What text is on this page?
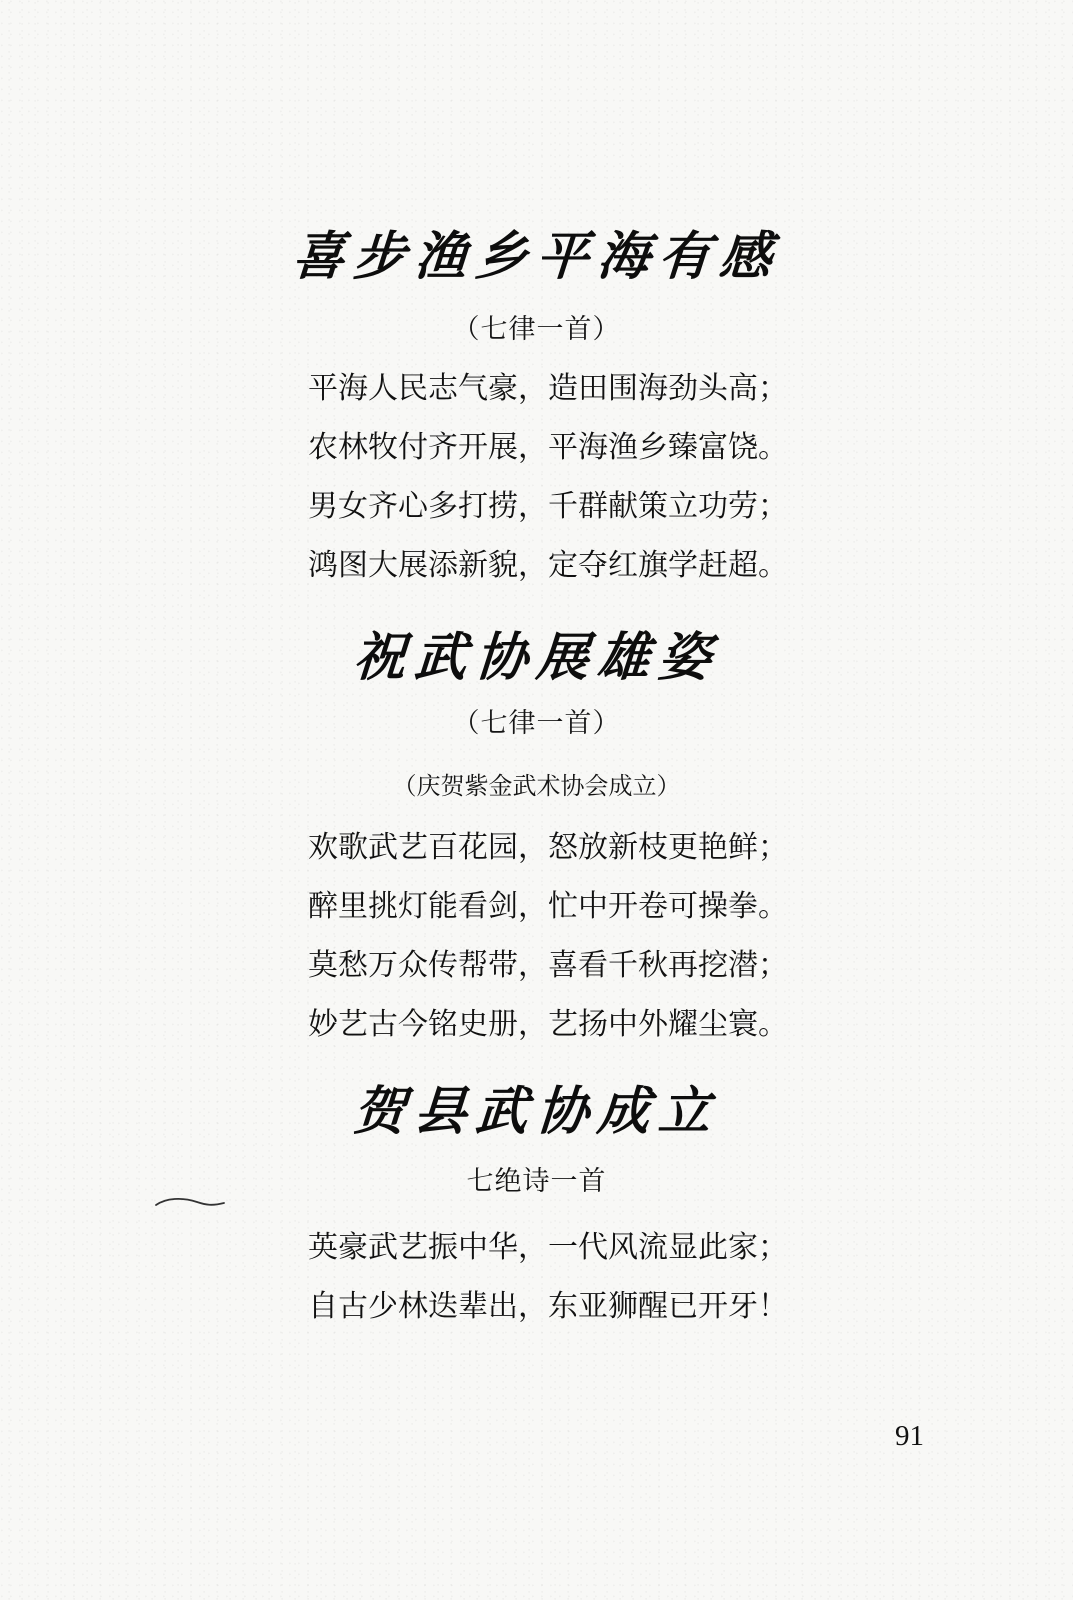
喜步渔乡平海有感
（七律一首）
平海人民志气豪，造田围海劲头高；
农林牧付齐开展，平海渔乡臻富饶。
男女齐心多打捞，千群献策立功劳；
鸿图大展添新貌，定夺红旗学赶超。
祝武协展雄姿
（七律一首）
（庆贺紫金武术协会成立）
欢歌武艺百花园，怒放新枝更艳鲜；
醉里挑灯能看剑，忙中开卷可操拳。
莫愁万众传帮带，喜看千秋再挖潜；
妙艺古今铭史册，艺扬中外耀尘寰。
贺县武协成立
七绝诗一首
英豪武艺振中华，一代风流显此家；
自古少林迭辈出，东亚狮醒已开牙！
91
